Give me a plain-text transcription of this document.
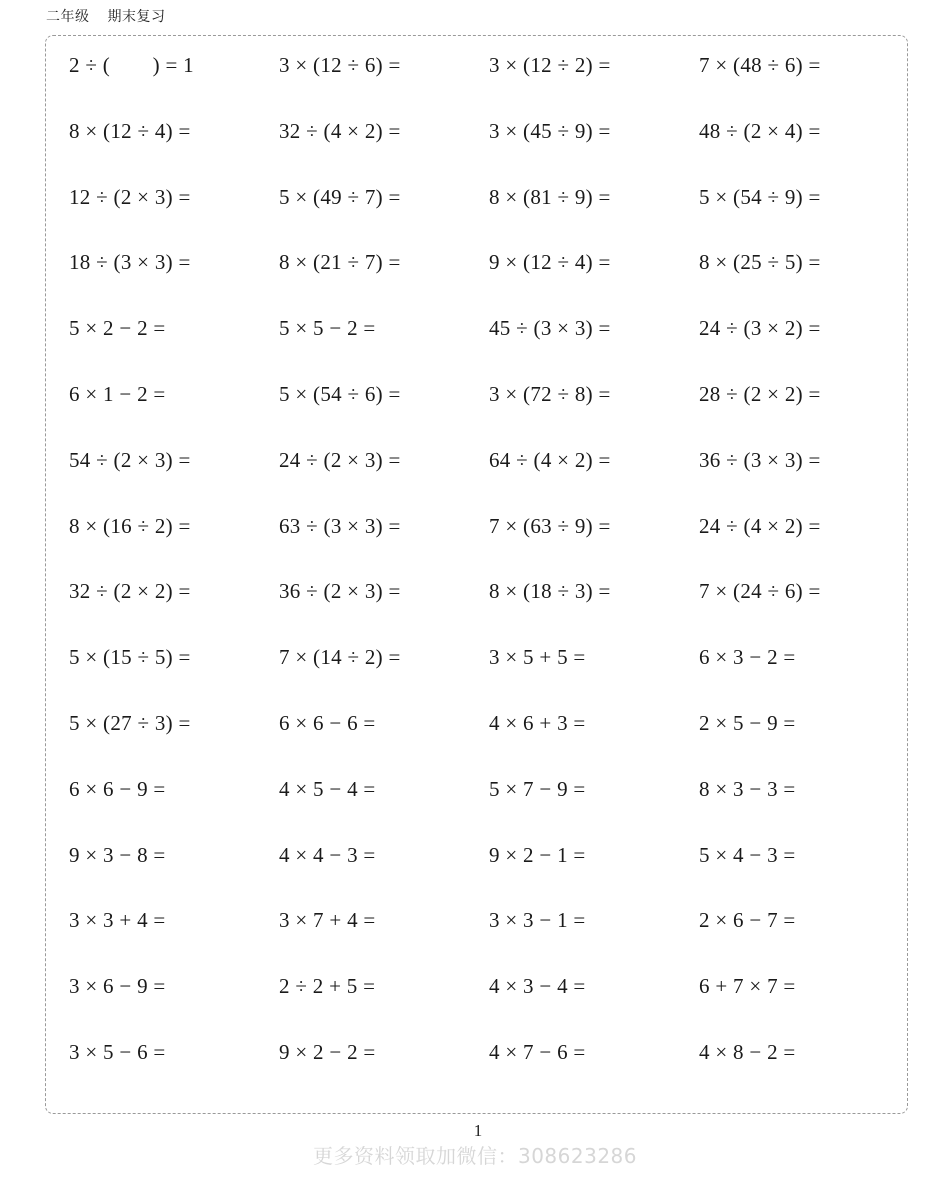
二年级 期末复习
2 ÷ (　　) = 1	3 × (12 ÷ 6) =	3 × (12 ÷ 2) =	7 × (48 ÷ 6) =
8 × (12 ÷ 4) =	32 ÷ (4 × 2) =	3 × (45 ÷ 9) =	48 ÷ (2 × 4) =
12 ÷ (2 × 3) =	5 × (49 ÷ 7) =	8 × (81 ÷ 9) =	5 × (54 ÷ 9) =
18 ÷ (3 × 3) =	8 × (21 ÷ 7) =	9 × (12 ÷ 4) =	8 × (25 ÷ 5) =
5 × 2 − 2 =	5 × 5 − 2 =	45 ÷ (3 × 3) =	24 ÷ (3 × 2) =
6 × 1 − 2 =	5 × (54 ÷ 6) =	3 × (72 ÷ 8) =	28 ÷ (2 × 2) =
54 ÷ (2 × 3) =	24 ÷ (2 × 3) =	64 ÷ (4 × 2) =	36 ÷ (3 × 3) =
8 × (16 ÷ 2) =	63 ÷ (3 × 3) =	7 × (63 ÷ 9) =	24 ÷ (4 × 2) =
32 ÷ (2 × 2) =	36 ÷ (2 × 3) =	8 × (18 ÷ 3) =	7 × (24 ÷ 6) =
5 × (15 ÷ 5) =	7 × (14 ÷ 2) =	3 × 5 + 5 =	6 × 3 − 2 =
5 × (27 ÷ 3) =	6 × 6 − 6 =	4 × 6 + 3 =	2 × 5 − 9 =
6 × 6 − 9 =	4 × 5 − 4 =	5 × 7 − 9 =	8 × 3 − 3 =
9 × 3 − 8 =	4 × 4 − 3 =	9 × 2 − 1 =	5 × 4 − 3 =
3 × 3 + 4 =	3 × 7 + 4 =	3 × 3 − 1 =	2 × 6 − 7 =
3 × 6 − 9 =	2 ÷ 2 + 5 =	4 × 3 − 4 =	6 + 7 × 7 =
3 × 5 − 6 =	9 × 2 − 2 =	4 × 7 − 6 =	4 × 8 − 2 =
1
更多资料领取加微信：308623286
